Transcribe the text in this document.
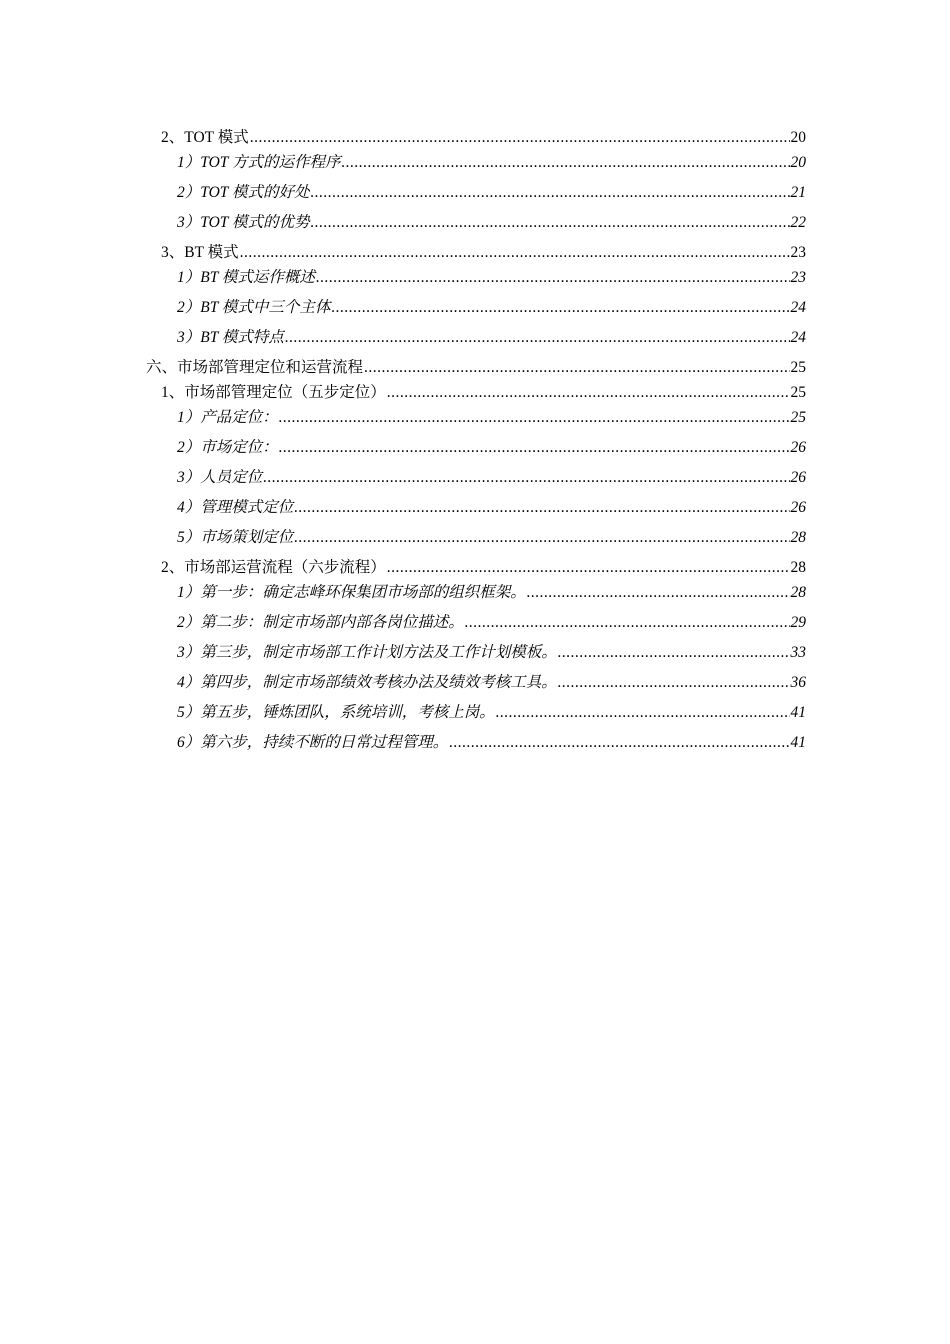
2、TOT 模式 .....	20
1）TOT 方式的运作程序 .....	20
2）TOT 模式的好处 .....	21
3）TOT 模式的优势 .....	22
3、BT 模式 .....	23
1）BT 模式运作概述 .....	23
2）BT 模式中三个主体 .....	24
3）BT 模式特点 .....	24
六、市场部管理定位和运营流程 .....	25
1、市场部管理定位（五步定位） .....	25
1）产品定位： .....	25
2）市场定位： .....	26
3）人员定位 .....	26
4）管理模式定位 .....	26
5）市场策划定位 .....	28
2、市场部运营流程（六步流程） .....	28
1）第一步：确定志峰环保集团市场部的组织框架。 .....	28
2）第二步：制定市场部内部各岗位描述。 .....	29
3）第三步，制定市场部工作计划方法及工作计划模板。 .....	33
4）第四步，制定市场部绩效考核办法及绩效考核工具。 .....	36
5）第五步，锤炼团队，系统培训，考核上岗。 .....	41
6）第六步，持续不断的日常过程管理。 .....	41
